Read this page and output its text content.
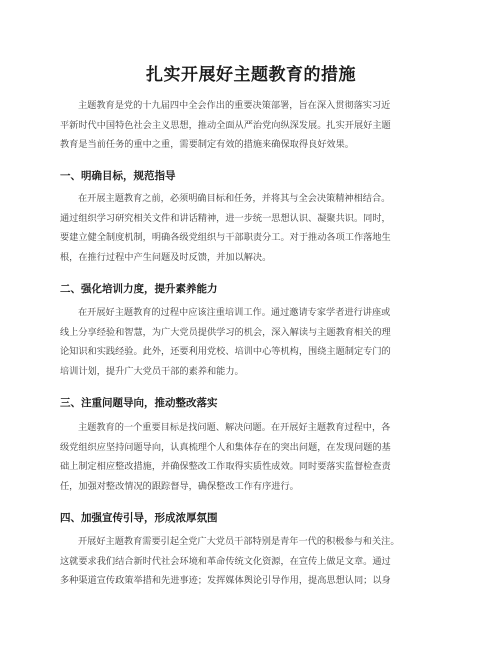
扎实开展好主题教育的措施
主题教育是党的十九届四中全会作出的重要决策部署，旨在深入贯彻落实习近
平新时代中国特色社会主义思想，推动全面从严治党向纵深发展。扎实开展好主题
教育是当前任务的重中之重，需要制定有效的措施来确保取得良好效果。
一、明确目标，规范指导
在开展主题教育之前，必须明确目标和任务，并将其与全会决策精神相结合。
通过组织学习研究相关文件和讲话精神，进一步统一思想认识、凝聚共识。同时，
要建立健全制度机制，明确各级党组织与干部职责分工。对于推动各项工作落地生
根，在推行过程中产生问题及时反馈，并加以解决。
二、强化培训力度，提升素养能力
在开展好主题教育的过程中应该注重培训工作。通过邀请专家学者进行讲座或
线上分享经验和智慧，为广大党员提供学习的机会，深入解读与主题教育相关的理
论知识和实践经验。此外，还要利用党校、培训中心等机构，围绕主题制定专门的
培训计划，提升广大党员干部的素养和能力。
三、注重问题导向，推动整改落实
主题教育的一个重要目标是找问题、解决问题。在开展好主题教育过程中，各
级党组织应坚持问题导向，认真梳理个人和集体存在的突出问题，在发现问题的基
础上制定相应整改措施，并确保整改工作取得实质性成效。同时要落实监督检查责
任，加强对整改情况的跟踪督导，确保整改工作有序进行。
四、加强宣传引导，形成浓厚氛围
开展好主题教育需要引起全党广大党员干部特别是青年一代的积极参与和关注。
这就要求我们结合新时代社会环境和革命传统文化资源，在宣传上做足文章。通过
多种渠道宣传政策举措和先进事迹；发挥媒体舆论引导作用，提高思想认同；以身
